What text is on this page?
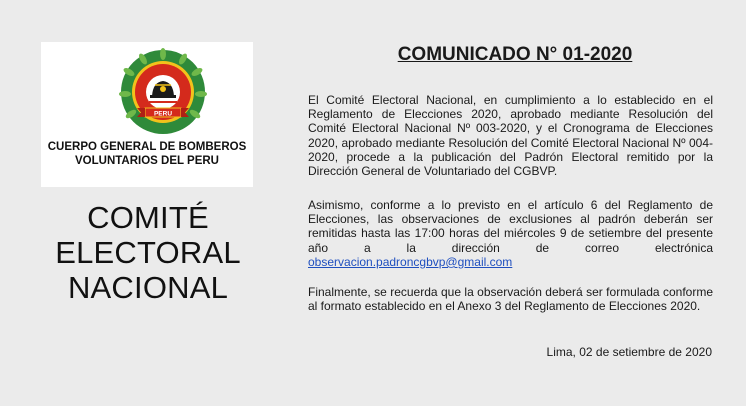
PERU
CUERPO GENERAL DE BOMBEROS
VOLUNTARIOS DEL PERU
COMITÉ
ELECTORAL
NACIONAL
COMUNICADO N° 01-2020
El Comité Electoral Nacional, en cumplimiento a lo establecido en el Reglamento de Elecciones 2020, aprobado mediante Resolución del Comité Electoral Nacional Nº 003-2020, y el Cronograma de Elecciones 2020, aprobado mediante Resolución del Comité Electoral Nacional Nº 004-2020, procede a la publicación del Padrón Electoral remitido por la Dirección General de Voluntariado del CGBVP.
Asimismo, conforme a lo previsto en el artículo 6 del Reglamento de Elecciones, las observaciones de exclusiones al padrón deberán ser remitidas hasta las 17:00 horas del miércoles 9 de setiembre del presente año a la dirección de correo electrónica observacion.padroncgbvp@gmail.com
Finalmente, se recuerda que la observación deberá ser formulada conforme al formato establecido en el Anexo 3 del Reglamento de Elecciones 2020.
Lima, 02 de setiembre de 2020
